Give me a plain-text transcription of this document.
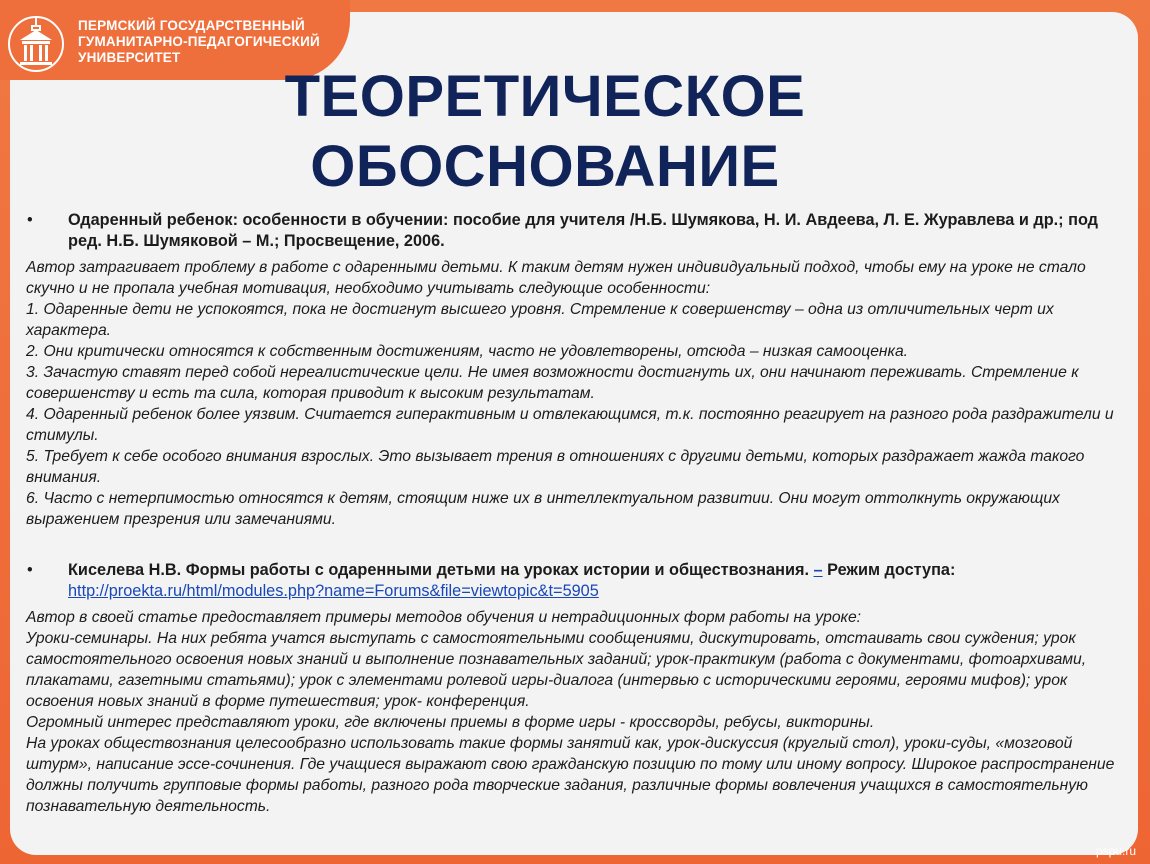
ПЕРМСКИЙ ГОСУДАРСТВЕННЫЙ
ГУМАНИТАРНО-ПЕДАГОГИЧЕСКИЙ
УНИВЕРСИТЕТ
ТЕОРЕТИЧЕСКОЕ
ОБОСНОВАНИЕ
• Одаренный ребенок: особенности в обучении: пособие для учителя /Н.Б. Шумякова, Н. И. Авдеева, Л. Е. Журавлева и др.; под ред. Н.Б. Шумяковой – М.; Просвещение, 2006.
Автор затрагивает проблему в работе с одаренными детьми. К таким детям нужен индивидуальный подход, чтобы ему на уроке не стало скучно и не пропала учебная мотивация, необходимо учитывать следующие особенности:
1. Одаренные дети не успокоятся, пока не достигнут высшего уровня. Стремление к совершенству – одна из отличительных черт их характера.
2. Они критически относятся к собственным достижениям, часто не удовлетворены, отсюда – низкая самооценка.
3. Зачастую ставят перед собой нереалистические цели. Не имея возможности достигнуть их, они начинают переживать. Стремление к совершенству и есть та сила, которая приводит к высоким результатам.
4. Одаренный ребенок более уязвим. Считается гиперактивным и отвлекающимся, т.к. постоянно реагирует на разного рода раздражители и стимулы.
5. Требует к себе особого внимания взрослых. Это вызывает трения в отношениях с другими детьми, которых раздражает жажда такого внимания.
6. Часто с нетерпимостью относятся к детям, стоящим ниже их в интеллектуальном развитии. Они могут оттолкнуть окружающих выражением презрения или замечаниями.
• Киселева Н.В. Формы работы с одаренными детьми на уроках истории и обществознания. – Режим доступа:
http://proekta.ru/html/modules.php?name=Forums&file=viewtopic&t=5905
Автор в своей статье предоставляет примеры методов обучения и нетрадиционных форм работы на уроке:
Уроки-семинары. На них ребята учатся выступать с самостоятельными сообщениями, дискутировать, отстаивать свои суждения; урок самостоятельного освоения новых знаний и выполнение познавательных заданий; урок-практикум (работа с документами, фотоархивами, плакатами, газетными статьями); урок с элементами ролевой игры-диалога (интервью с историческими героями, героями мифов); урок освоения новых знаний в форме путешествия; урок- конференция.
Огромный интерес представляют уроки, где включены приемы в форме игры - кроссворды, ребусы, викторины.
На уроках обществознания целесообразно использовать такие формы занятий как, урок-дискуссия (круглый стол), уроки-суды, «мозговой штурм», написание эссе-сочинения. Где учащиеся выражают свою гражданскую позицию по тому или иному вопросу. Широкое распространение должны получить групповые формы работы, разного рода творческие задания, различные формы вовлечения учащихся в самостоятельную познавательную деятельность.
pspu.ru
